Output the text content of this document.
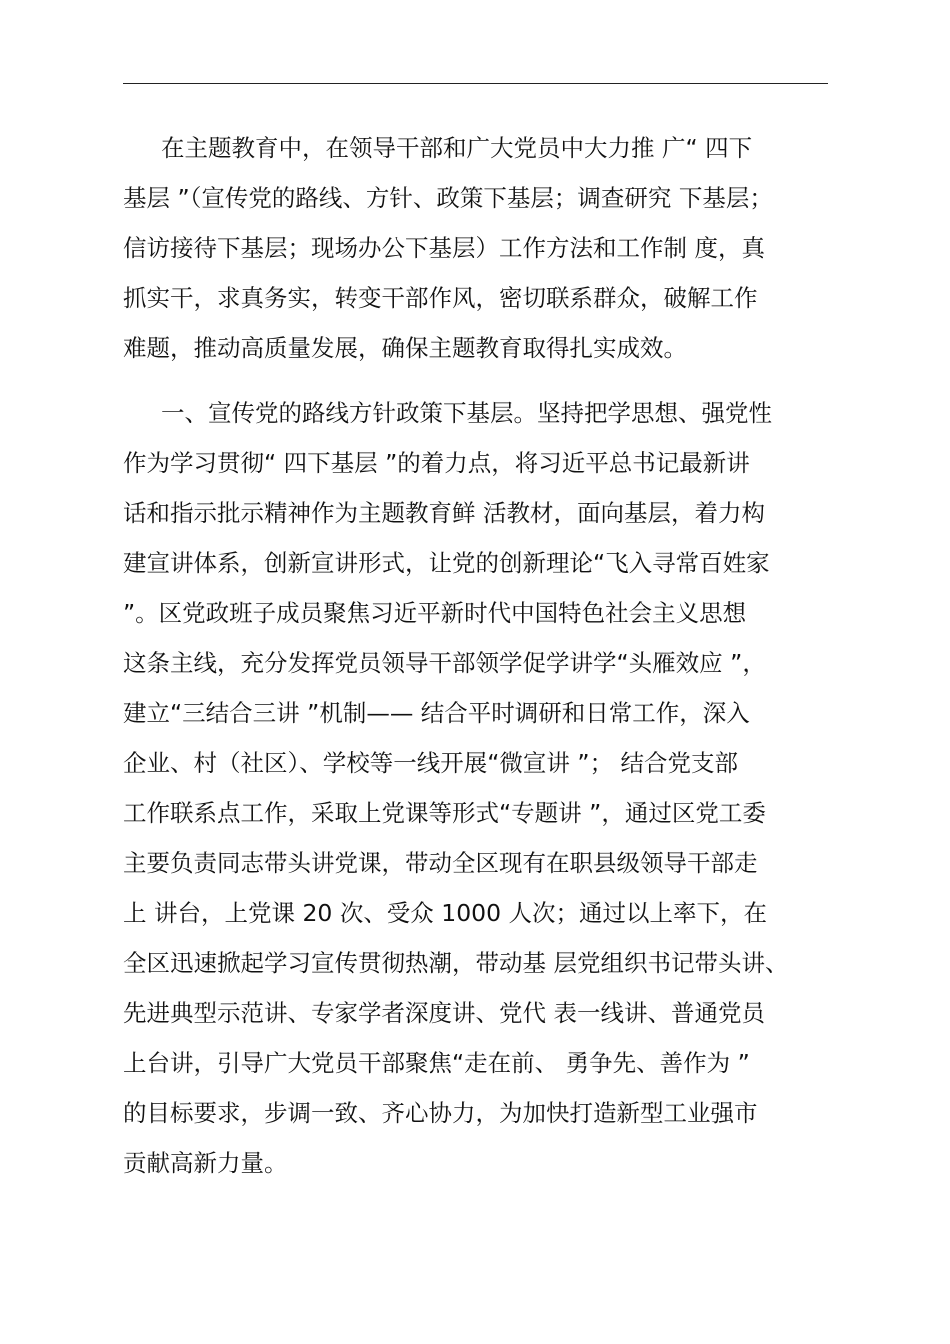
在主题教育中，在领导干部和广大党员中大力推 广“ 四下
基层 ”（宣传党的路线、方针、政策下基层；调查研究 下基层；
信访接待下基层；现场办公下基层）工作方法和工作制 度，真
抓实干，求真务实，转变干部作风，密切联系群众，破解工作
难题，推动高质量发展，确保主题教育取得扎实成效。
一、宣传党的路线方针政策下基层。坚持把学思想、强党性
作为学习贯彻“ 四下基层 ”的着力点，将习近平总书记最新讲
话和指示批示精神作为主题教育鲜 活教材，面向基层，着力构
建宣讲体系，创新宣讲形式，让党的创新理论“飞入寻常百姓家
”。区党政班子成员聚焦习近平新时代中国特色社会主义思想
这条主线，充分发挥党员领导干部领学促学讲学“头雁效应 ”，
建立“三结合三讲 ”机制—— 结合平时调研和日常工作，深入
企业、村（社区）、学校等一线开展“微宣讲 ”； 结合党支部
工作联系点工作，采取上党课等形式“专题讲 ”，通过区党工委
主要负责同志带头讲党课，带动全区现有在职县级领导干部走
上 讲台，上党课 20 次、受众 1000 人次；通过以上率下，在
全区迅速掀起学习宣传贯彻热潮，带动基 层党组织书记带头讲、
先进典型示范讲、专家学者深度讲、党代 表一线讲、普通党员
上台讲，引导广大党员干部聚焦“走在前、 勇争先、善作为 ”
的目标要求，步调一致、齐心协力，为加快打造新型工业强市
贡献高新力量。
